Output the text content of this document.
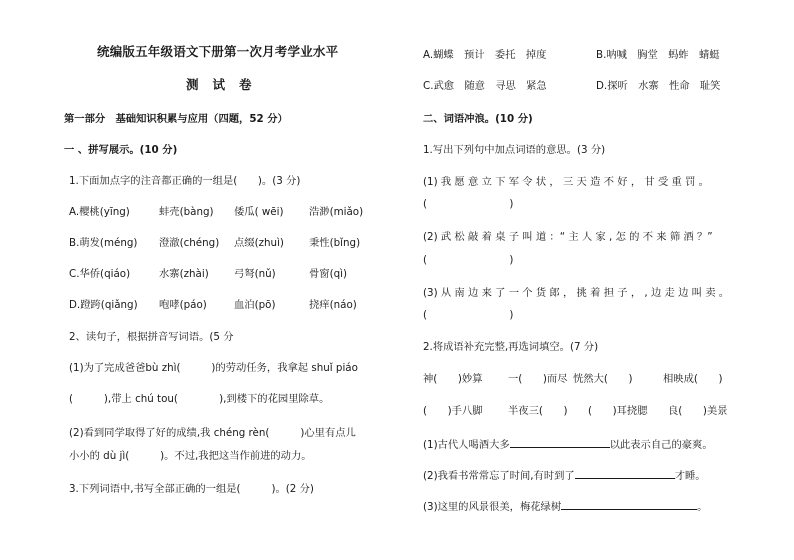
统编版五年级语文下册第一次月考学业水平
测试卷
第一部分　基础知识积累与应用（四题，52 分）
一 、拼写展示。(10 分)
1.下面加点字的注音都正确的一组是(　　)。(3 分)
A.樱桃(yīng)	蚌壳(bàng) 倭瓜( wēi) 浩渺(miǎo)
B.萌发(méng) 澄澈(chéng) 点缀(zhuì) 秉性(bǐng)
C.华侨(qiáo)	水寨(zhài) 弓弩(nǔ)	骨窗(qì)
D.蹬跨(qiǎng) 咆哮(páo)	血泊(pō)	挠痒(náo)
2、读句子，根据拼音写词语。(5 分
(1)为了完成爸爸bù zhì(　　　)的劳动任务，我拿起 shuǐ piáo
(　　　),带上 chú tou(　　　　),到楼下的花园里除草。
(2)看到同学取得了好的成绩,我 chéng rèn(　　　)心里有点儿
小小的 dù jì(　　　)。不过,我把这当作前进的动力。
3.下列词语中,书写全部正确的一组是(　　　)。(2 分)
A.蝴蝶　预计　委托　掉度	B.呐喊　胸堂　蚂蚱　蜻蜓
C.武愈　随意　寻思　紧急	D.探听　水寨　性命　耻笑
二、词语冲浪。(10 分)
1.写出下列句中加点词语的意思。(3 分)
(1) 我 愿 意 立 下 军 令 状 ， 三 天 造 不 好 ， 甘 受 重 罚 。
(　　　　　　　　)
(2) 武 松 敲 着 桌 子 叫 道 ：“ 主 人 家 , 怎 的 不 来 筛 酒 ？”
(　　　　　　　　)
(3) 从 南 边 来 了 一 个 货 郎 ， 挑 着 担 子 ， , 边 走 边 叫 卖 。
(　　　　　　　　)
2.将成语补充完整,再选词填空。(7 分)
神(　　)妙算 一(　　)而尽 恍然大(　　)	相映成(　　)
(　　)手八脚 半夜三(　　) (　　)耳挠腮 良(　　)美景
(1)古代人喝酒大多	以此表示自己的豪爽。
(2)我看书常常忘了时间,有时到了	才睡。
(3)这里的风景很美，梅花绿树	。
